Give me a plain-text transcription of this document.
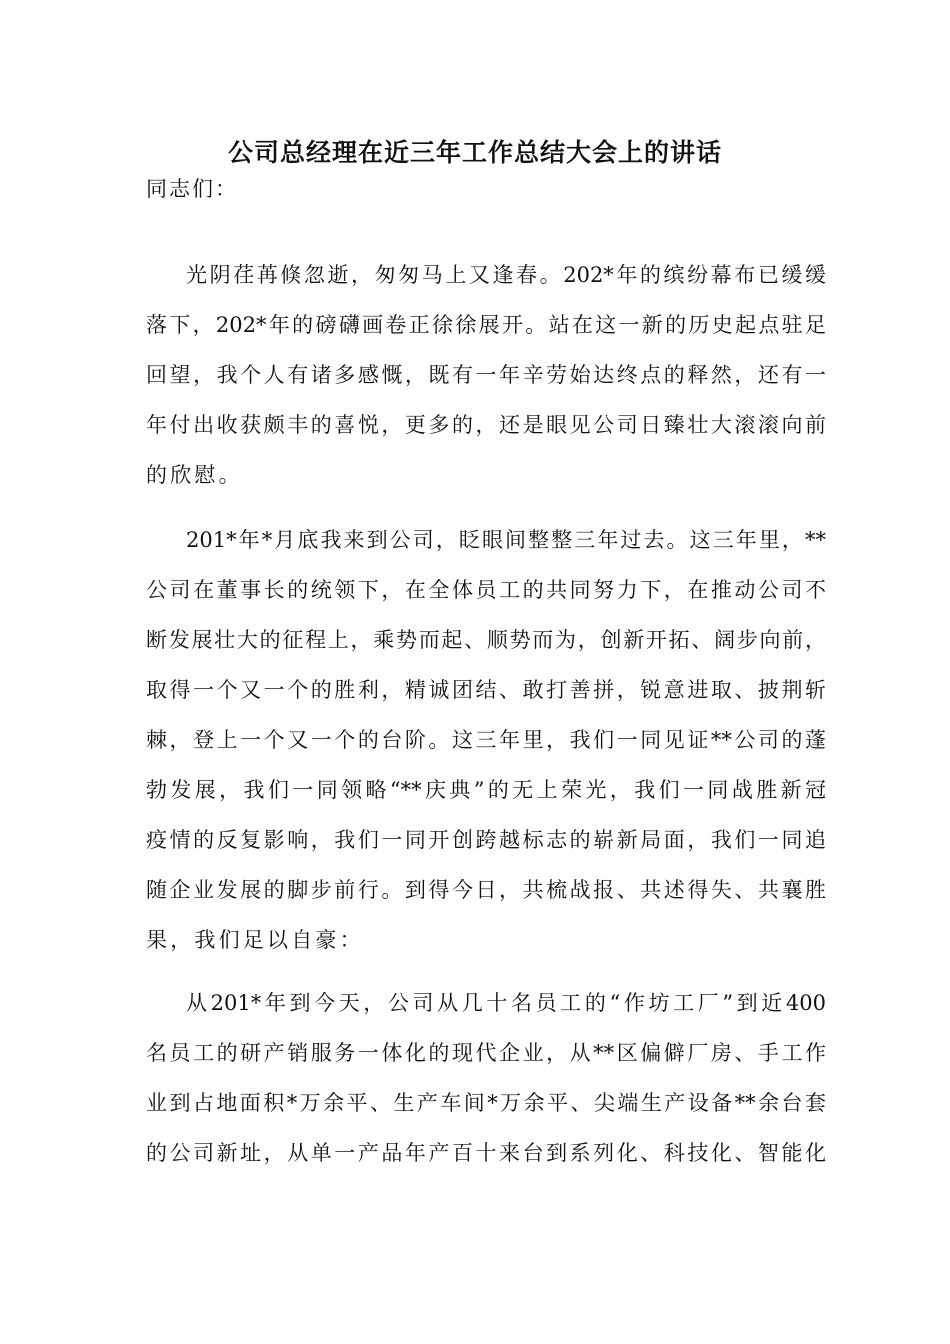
公司总经理在近三年工作总结大会上的讲话
同志们：
光阴荏苒倏忽逝，匆匆马上又逢春。202*年的缤纷幕布已缓缓
落下，202*年的磅礴画卷正徐徐展开。站在这一新的历史起点驻足
回望，我个人有诸多感慨，既有一年辛劳始达终点的释然，还有一
年付出收获颇丰的喜悦，更多的，还是眼见公司日臻壮大滚滚向前
的欣慰。
201*年*月底我来到公司，眨眼间整整三年过去。这三年里，**
公司在董事长的统领下，在全体员工的共同努力下，在推动公司不
断发展壮大的征程上，乘势而起、顺势而为，创新开拓、阔步向前，
取得一个又一个的胜利，精诚团结、敢打善拼，锐意进取、披荆斩
棘，登上一个又一个的台阶。这三年里，我们一同见证**公司的蓬
勃发展，我们一同领略“**庆典”的无上荣光，我们一同战胜新冠
疫情的反复影响，我们一同开创跨越标志的崭新局面，我们一同追
随企业发展的脚步前行。到得今日，共梳战报、共述得失、共襄胜
果，我们足以自豪：
从201*年到今天，公司从几十名员工的“作坊工厂”到近400
名员工的研产销服务一体化的现代企业，从**区偏僻厂房、手工作
业到占地面积*万余平、生产车间*万余平、尖端生产设备**余台套
的公司新址，从单一产品年产百十来台到系列化、科技化、智能化
